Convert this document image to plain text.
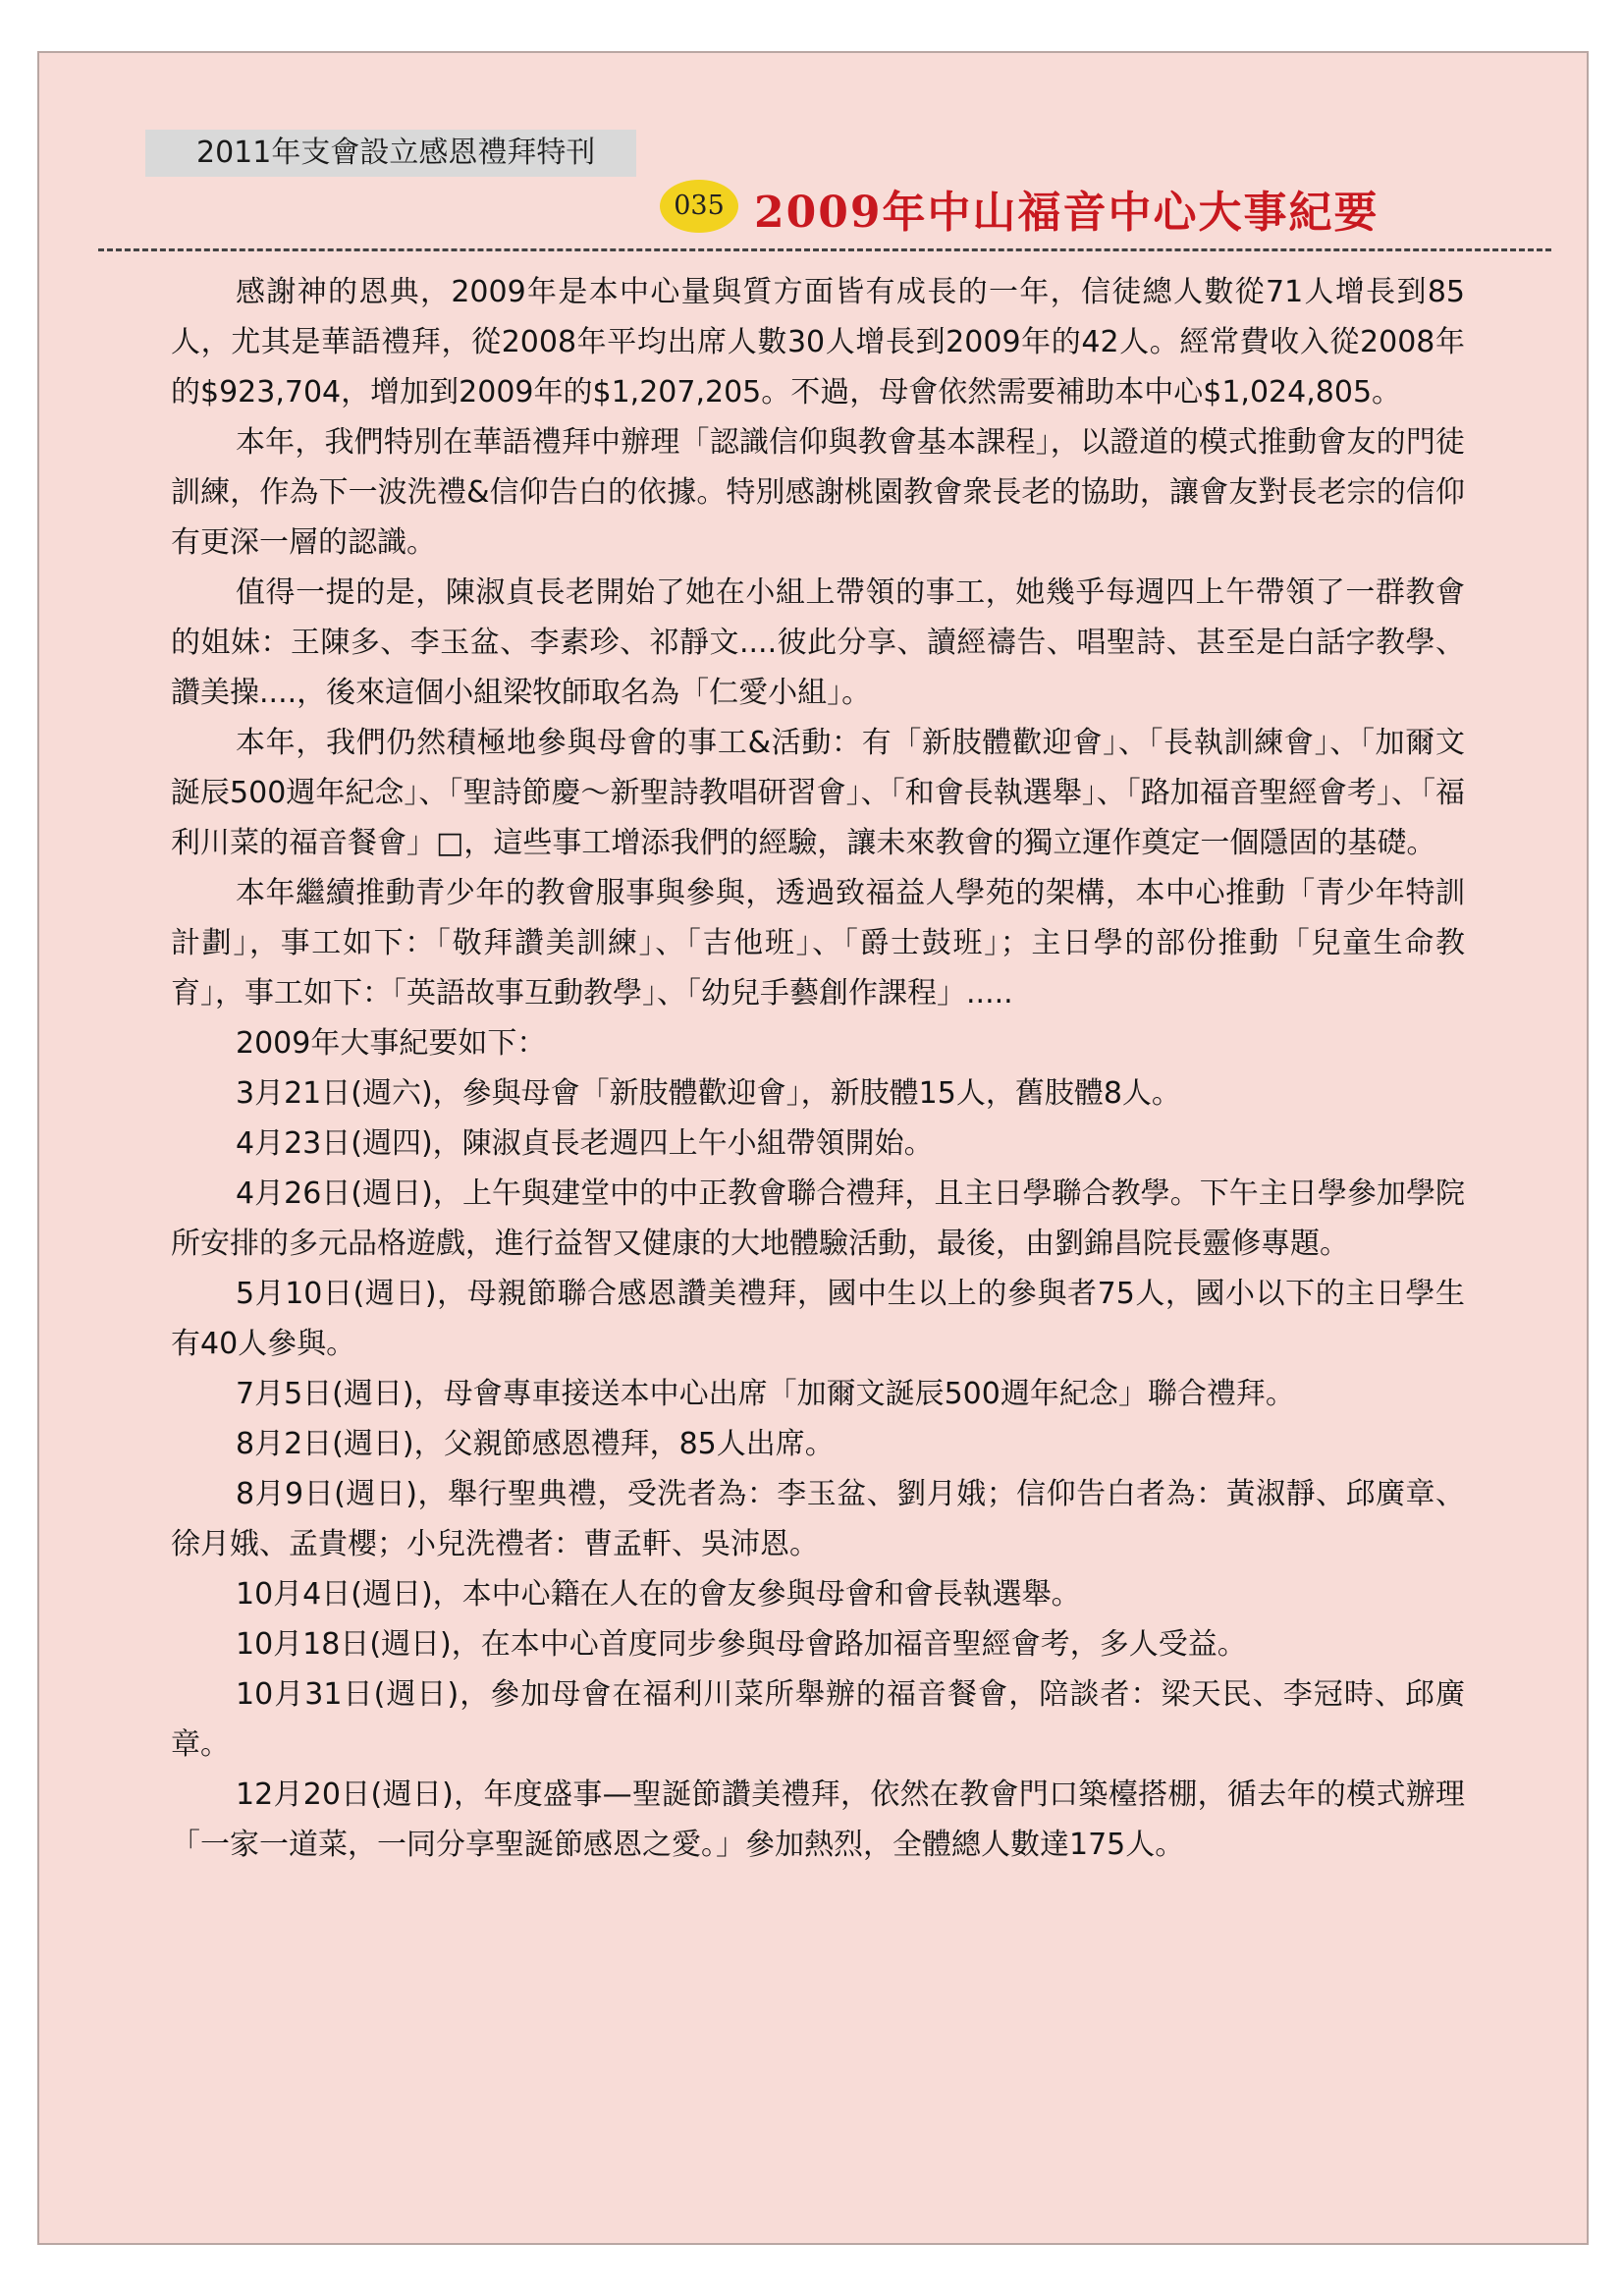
2011年支會設立感恩禮拜特刊
035 2009年中山福音中心大事紀要

感謝神的恩典，2009年是本中心量與質方面皆有成長的一年，信徒總人數從71人增長到85人，尤其是華語禮拜，從2008年平均出席人數30人增長到2009年的42人。經常費收入從2008年的$923,704，增加到2009年的$1,207,205。不過，母會依然需要補助本中心$1,024,805。

本年，我們特別在華語禮拜中辦理「認識信仰與教會基本課程」，以證道的模式推動會友的門徒訓練，作為下一波洗禮&信仰告白的依據。特別感謝桃園教會衆長老的協助，讓會友對長老宗的信仰有更深一層的認識。

值得一提的是，陳淑貞長老開始了她在小組上帶領的事工，她幾乎每週四上午帶領了一群教會的姐妹：王陳多、李玉盆、李素珍、祁靜文....彼此分享、讀經禱告、唱聖詩、甚至是白話字教學、讚美操....，後來這個小組梁牧師取名為「仁愛小組」。

本年，我們仍然積極地參與母會的事工&活動：有「新肢體歡迎會」、「長執訓練會」、「加爾文誕辰500週年紀念」、「聖詩節慶～新聖詩教唱研習會」、「和會長執選舉」、「路加福音聖經會考」、「福利川菜的福音餐會」□，這些事工增添我們的經驗，讓未來教會的獨立運作奠定一個隱固的基礎。

本年繼續推動青少年的教會服事與參與，透過致福益人學苑的架構，本中心推動「青少年特訓計劃」，事工如下：「敬拜讚美訓練」、「吉他班」、「爵士鼓班」；主日學的部份推動「兒童生命教育」，事工如下：「英語故事互動教學」、「幼兒手藝創作課程」.....

2009年大事紀要如下：

3月21日(週六)，參與母會「新肢體歡迎會」，新肢體15人，舊肢體8人。

4月23日(週四)，陳淑貞長老週四上午小組帶領開始。

4月26日(週日)，上午與建堂中的中正教會聯合禮拜，且主日學聯合教學。下午主日學參加學院所安排的多元品格遊戲，進行益智又健康的大地體驗活動，最後，由劉錦昌院長靈修專題。

5月10日(週日)，母親節聯合感恩讚美禮拜，國中生以上的參與者75人，國小以下的主日學生有40人參與。

7月5日(週日)，母會專車接送本中心出席「加爾文誕辰500週年紀念」聯合禮拜。

8月2日(週日)，父親節感恩禮拜，85人出席。

8月9日(週日)，舉行聖典禮，受洗者為：李玉盆、劉月娥；信仰告白者為：黃淑靜、邱廣章、徐月娥、孟貴櫻；小兒洗禮者：曹孟軒、吳沛恩。

10月4日(週日)，本中心籍在人在的會友參與母會和會長執選舉。

10月18日(週日)，在本中心首度同步參與母會路加福音聖經會考，多人受益。

10月31日(週日)，參加母會在福利川菜所舉辦的福音餐會，陪談者：梁天民、李冠時、邱廣章。

12月20日(週日)，年度盛事—聖誕節讚美禮拜，依然在教會門口築檯搭棚，循去年的模式辦理「一家一道菜，一同分享聖誕節感恩之愛。」參加熱烈，全體總人數達175人。
